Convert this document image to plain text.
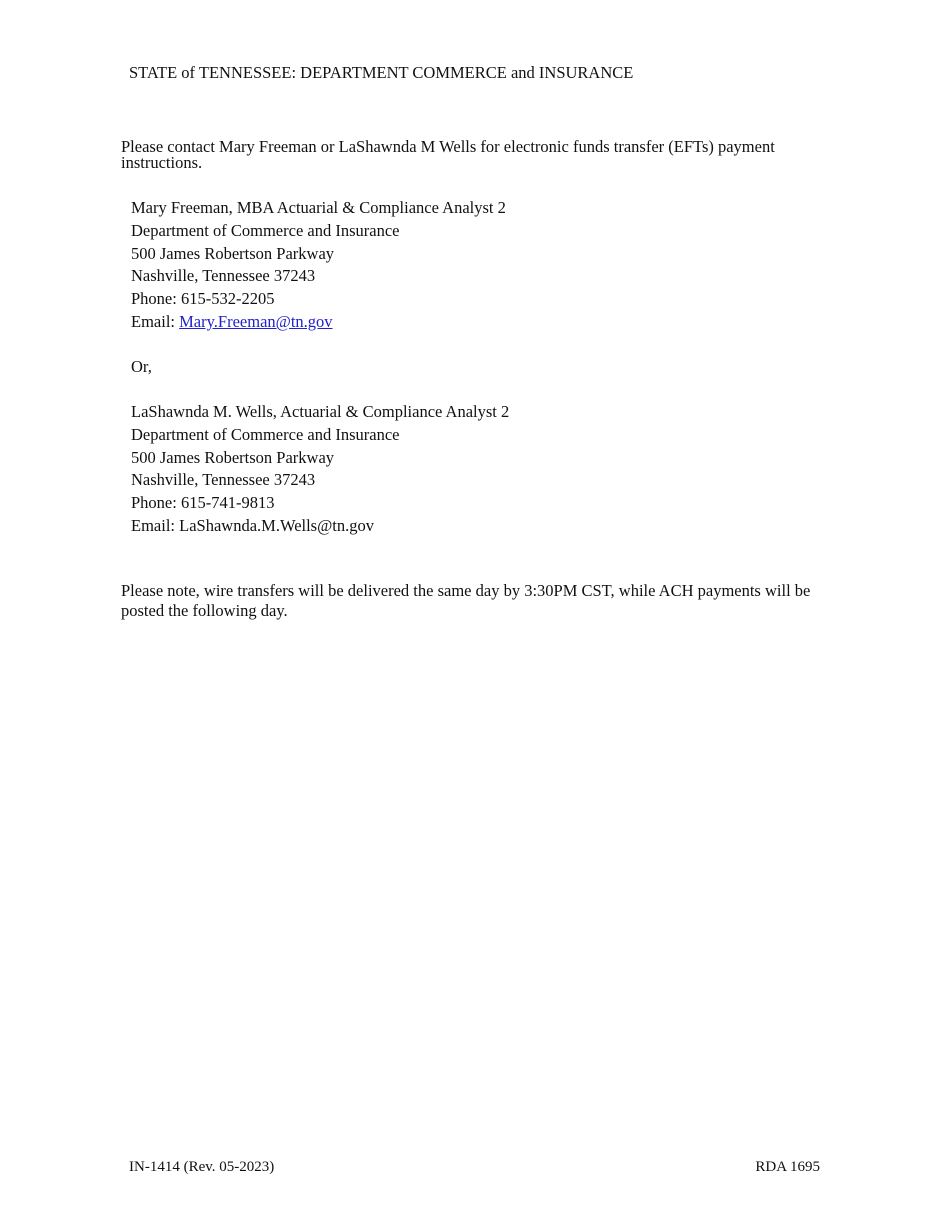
STATE of TENNESSEE: DEPARTMENT COMMERCE and INSURANCE
Please contact Mary Freeman or LaShawnda M Wells for electronic funds transfer (EFTs) payment instructions.
Mary Freeman, MBA Actuarial & Compliance Analyst 2
Department of Commerce and Insurance
500 James Robertson Parkway
Nashville, Tennessee 37243
Phone: 615-532-2205
Email: Mary.Freeman@tn.gov
Or,
LaShawnda M. Wells, Actuarial & Compliance Analyst 2
Department of Commerce and Insurance
500 James Robertson Parkway
Nashville, Tennessee 37243
Phone: 615-741-9813
Email: LaShawnda.M.Wells@tn.gov
Please note, wire transfers will be delivered the same day by 3:30PM CST, while ACH payments will be posted the following day.
IN-1414 (Rev. 05-2023)	RDA 1695
